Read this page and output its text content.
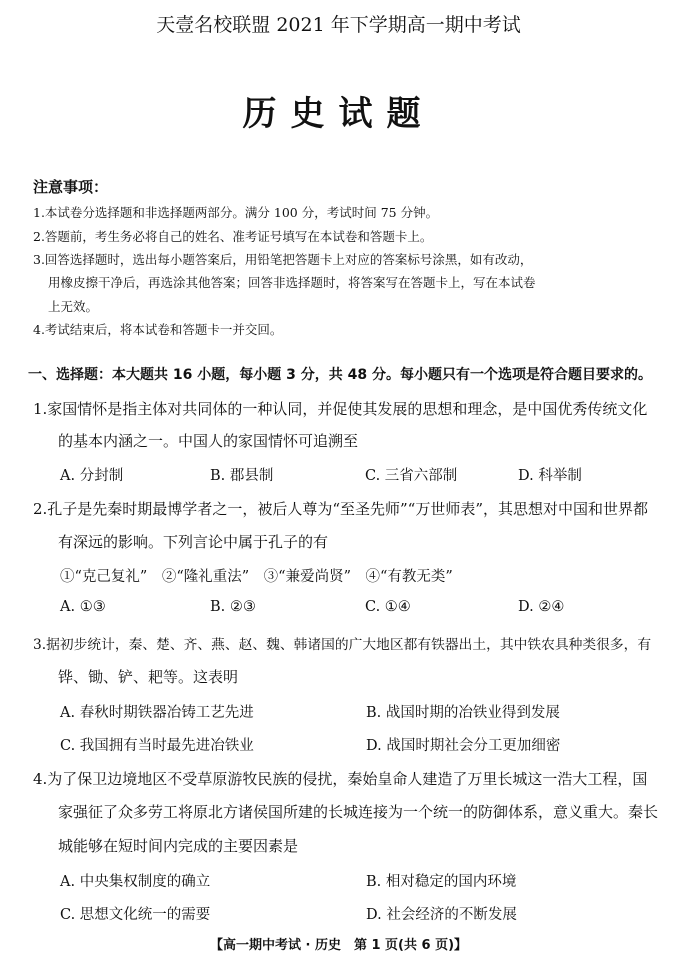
天壹名校联盟 2021 年下学期高一期中考试
历史试题
注意事项：
1.本试卷分选择题和非选择题两部分。满分 100 分，考试时间 75 分钟。
2.答题前，考生务必将自己的姓名、准考证号填写在本试卷和答题卡上。
3.回答选择题时，选出每小题答案后，用铅笔把答题卡上对应的答案标号涂黑，如有改动，
用橡皮擦干净后，再选涂其他答案；回答非选择题时，将答案写在答题卡上，写在本试卷
上无效。
4.考试结束后，将本试卷和答题卡一并交回。
一、选择题：本大题共 16 小题，每小题 3 分，共 48 分。每小题只有一个选项是符合题目要求的。
1.家国情怀是指主体对共同体的一种认同，并促使其发展的思想和理念，是中国优秀传统文化
的基本内涵之一。中国人的家国情怀可追溯至
A. 分封制	B. 郡县制	C. 三省六部制	D. 科举制
2.孔子是先秦时期最博学者之一，被后人尊为“至圣先师”“万世师表”，其思想对中国和世界都
有深远的影响。下列言论中属于孔子的有
①“克己复礼”　②“隆礼重法”　③“兼爱尚贤”　④“有教无类”
A. ①③	B. ②③	C. ①④	D. ②④
3.据初步统计，秦、楚、齐、燕、赵、魏、韩诸国的广大地区都有铁器出土，其中铁农具种类很多，有
铧、锄、铲、耙等。这表明
A. 春秋时期铁器冶铸工艺先进	B. 战国时期的冶铁业得到发展
C. 我国拥有当时最先进冶铁业	D. 战国时期社会分工更加细密
4.为了保卫边境地区不受草原游牧民族的侵扰，秦始皇命人建造了万里长城这一浩大工程，国
家强征了众多劳工将原北方诸侯国所建的长城连接为一个统一的防御体系，意义重大。秦长
城能够在短时间内完成的主要因素是
A. 中央集权制度的确立	B. 相对稳定的国内环境
C. 思想文化统一的需要	D. 社会经济的不断发展
【高一期中考试 · 历史　第 1 页(共 6 页)】
